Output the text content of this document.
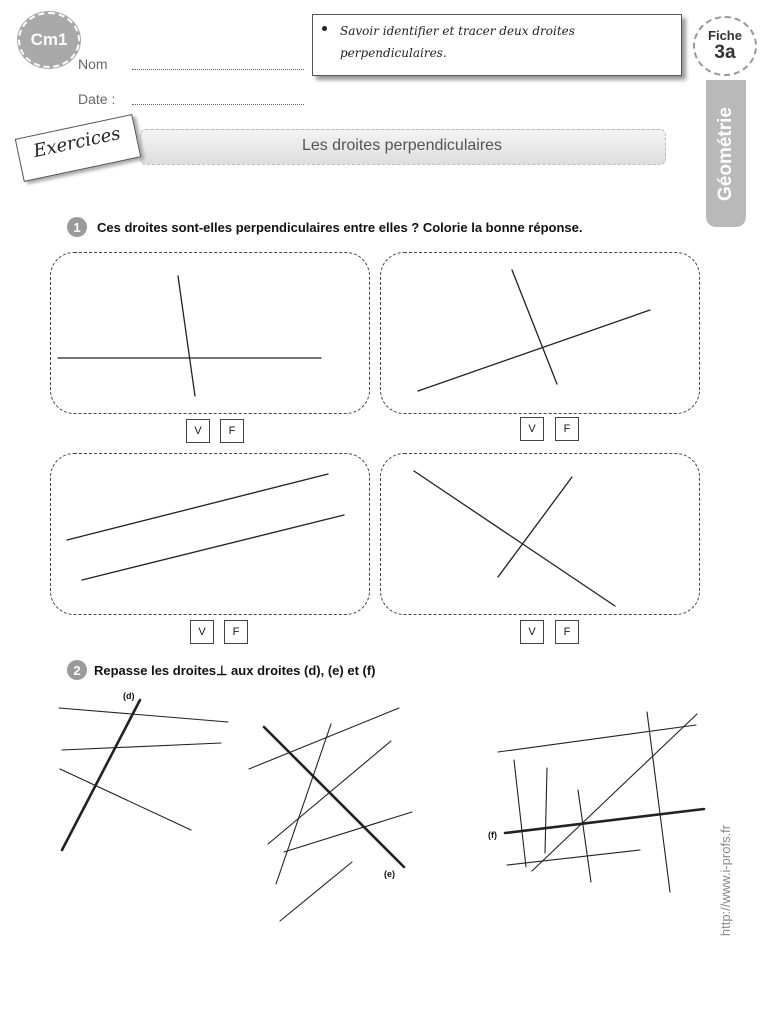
Cm1
Nom
Date :
Savoir identifier et tracer deux droites perpendiculaires.
Fiche
3a
Géométrie
Les droites perpendiculaires
Exercices
1	Ces droites sont-elles perpendiculaires entre elles ? Colorie la bonne réponse.
V	F	V	F
V	F	V	F
2	Repasse les droites⊥ aux droites (d), (e) et (f)
(d)
(e)
(f)	http://www.i-profs.fr
